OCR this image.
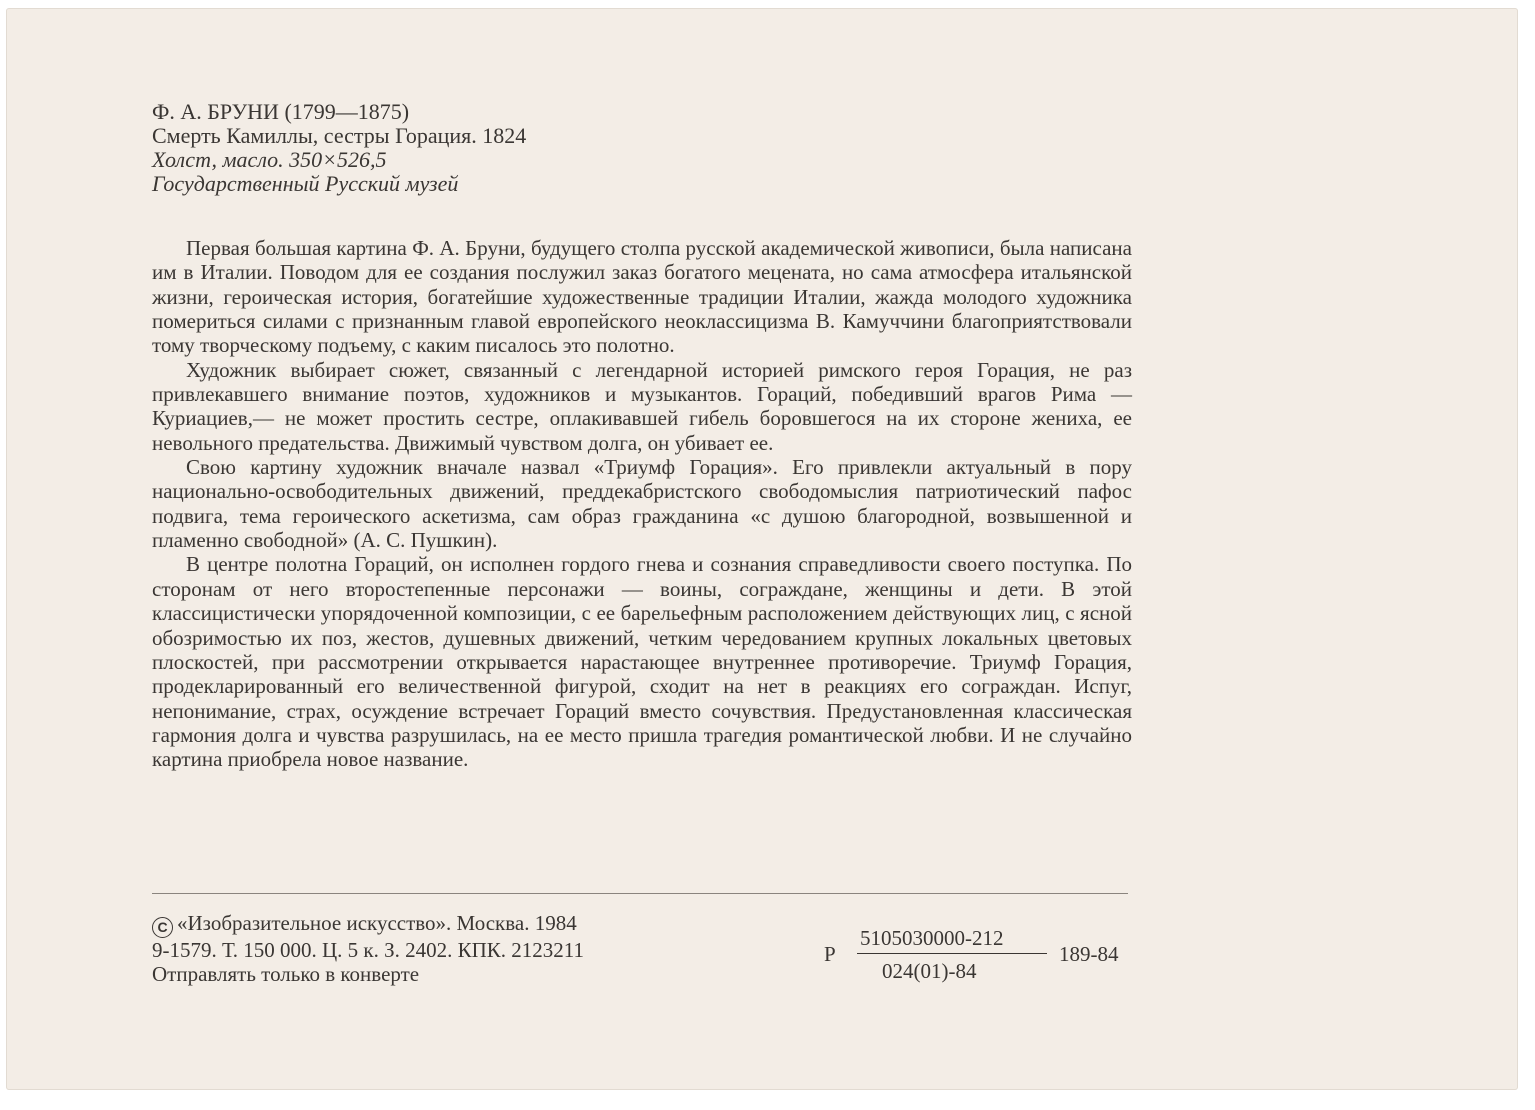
Ф. А. БРУНИ (1799—1875)
Смерть Камиллы, сестры Горация. 1824
Холст, масло. 350×526,5
Государственный Русский музей

Первая большая картина Ф. А. Бруни, будущего столпа русской академической живописи, была написана им в Италии. Поводом для ее создания послужил заказ богатого мецената, но сама атмосфера итальянской жизни, героическая история, богатейшие художественные традиции Италии, жажда молодого художника помериться силами с признанным главой европейского неоклассицизма В. Камуччини благоприятствовали тому творческому подъему, с каким писалось это полотно.

Художник выбирает сюжет, связанный с легендарной историей римского героя Горация, не раз привлекавшего внимание поэтов, художников и музыкантов. Гораций, победивший врагов Рима — Куриациев,— не может простить сестре, оплакивавшей гибель боровшегося на их стороне жениха, ее невольного предательства. Движимый чувством долга, он убивает ее.

Свою картину художник вначале назвал «Триумф Горация». Его привлекли актуальный в пору национально-освободительных движений, преддекабристского свободомыслия патриотический пафос подвига, тема героического аскетизма, сам образ гражданина «с душою благородной, возвышенной и пламенно свободной» (А. С. Пушкин).

В центре полотна Гораций, он исполнен гордого гнева и сознания справедливости своего поступка. По сторонам от него второстепенные персонажи — воины, сограждане, женщины и дети. В этой классицистически упорядоченной композиции, с ее барельефным расположением действующих лиц, с ясной обозримостью их поз, жестов, душевных движений, четким чередованием крупных локальных цветовых плоскостей, при рассмотрении открывается нарастающее внутреннее противоречие. Триумф Горация, продекларированный его величественной фигурой, сходит на нет в реакциях его сограждан. Испуг, непонимание, страх, осуждение встречает Гораций вместо сочувствия. Предустановленная классическая гармония долга и чувства разрушилась, на ее место пришла трагедия романтической любви. И не случайно картина приобрела новое название.

С «Изобразительное искусство». Москва. 1984
9-1579. Т. 150 000. Ц. 5 к. З. 2402. КПК. 2123211
Отправлять только в конверте
Р
5105030000-212
024(01)-84
189-84
